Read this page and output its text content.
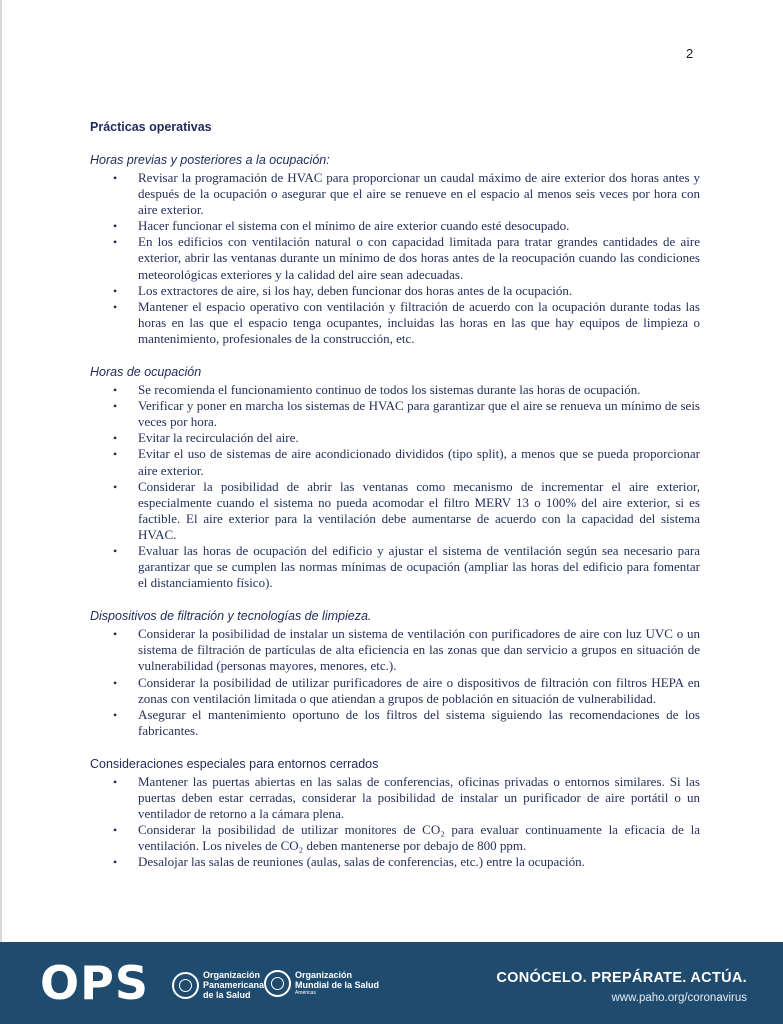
2
Prácticas operativas
Horas previas y posteriores a la ocupación:
• Revisar la programación de HVAC para proporcionar un caudal máximo de aire exterior dos horas antes y después de la ocupación o asegurar que el aire se renueve en el espacio al menos seis veces por hora con aire exterior.
• Hacer funcionar el sistema con el mínimo de aire exterior cuando esté desocupado.
• En los edificios con ventilación natural o con capacidad limitada para tratar grandes cantidades de aire exterior, abrir las ventanas durante un mínimo de dos horas antes de la reocupación cuando las condiciones meteorológicas exteriores y la calidad del aire sean adecuadas.
• Los extractores de aire, si los hay, deben funcionar dos horas antes de la ocupación.
• Mantener el espacio operativo con ventilación y filtración de acuerdo con la ocupación durante todas las horas en las que el espacio tenga ocupantes, incluidas las horas en las que hay equipos de limpieza o mantenimiento, profesionales de la construcción, etc.
Horas de ocupación
• Se recomienda el funcionamiento continuo de todos los sistemas durante las horas de ocupación.
• Verificar y poner en marcha los sistemas de HVAC para garantizar que el aire se renueva un mínimo de seis veces por hora.
• Evitar la recirculación del aire.
• Evitar el uso de sistemas de aire acondicionado divididos (tipo split), a menos que se pueda proporcionar aire exterior.
• Considerar la posibilidad de abrir las ventanas como mecanismo de incrementar el aire exterior, especialmente cuando el sistema no pueda acomodar el filtro MERV 13 o 100% del aire exterior, si es factible. El aire exterior para la ventilación debe aumentarse de acuerdo con la capacidad del sistema HVAC.
• Evaluar las horas de ocupación del edificio y ajustar el sistema de ventilación según sea necesario para garantizar que se cumplen las normas mínimas de ocupación (ampliar las horas del edificio para fomentar el distanciamiento físico).
Dispositivos de filtración y tecnologías de limpieza.
• Considerar la posibilidad de instalar un sistema de ventilación con purificadores de aire con luz UVC o un sistema de filtración de partículas de alta eficiencia en las zonas que dan servicio a grupos en situación de vulnerabilidad (personas mayores, menores, etc.).
• Considerar la posibilidad de utilizar purificadores de aire o dispositivos de filtración con filtros HEPA en zonas con ventilación limitada o que atiendan a grupos de población en situación de vulnerabilidad.
• Asegurar el mantenimiento oportuno de los filtros del sistema siguiendo las recomendaciones de los fabricantes.
Consideraciones especiales para entornos cerrados
• Mantener las puertas abiertas en las salas de conferencias, oficinas privadas o entornos similares. Si las puertas deben estar cerradas, considerar la posibilidad de instalar un purificador de aire portátil o un ventilador de retorno a la cámara plena.
• Considerar la posibilidad de utilizar monitores de CO₂ para evaluar continuamente la eficacia de la ventilación. Los niveles de CO₂ deben mantenerse por debajo de 800 ppm.
• Desalojar las salas de reuniones (aulas, salas de conferencias, etc.) entre la ocupación.
OPS	Organización
Panamericana
de la Salud
Organización
Mundial de la Salud
Américas
CONÓCELO. PREPÁRATE. ACTÚA.
www.paho.org/coronavirus
